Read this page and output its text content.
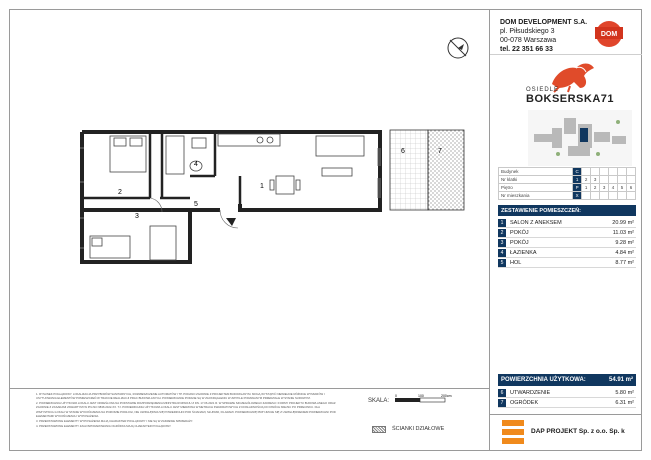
DOM DEVELOPMENT S.A.
pl. Piłsudskiego 3
00-078 Warszawa
tel. 22 351 66 33
DOM
OSIEDLE
BOKSERSKA71
Budynek	C						
Nr klatki	1	2	3				
Piętro	P	1	2	3	4	5	6
Nr mieszkania	X						
ZESTAWIENIE POMIESZCZEŃ:
1	SALON Z ANEKSEM	20.99 m²
2	POKÓJ	11.03 m²
3	POKÓJ	9.28 m²
4	ŁAZIENKA	4.84 m²
5	HOL	8.77 m²
POWIERZCHNIA UŻYTKOWA:	54.91 m²
6	UTWARDZENIE	5.80 m²
7	OGRÓDEK	6.31 m²
DAP PROJEKT Sp. z o.o. Sp. k
1
2
3
4
5
6	7

1. RYSUNEK POGLĄDOWY. LOKALIZACJA PRZYBORÓW SANITARNYCH, ROZMIESZCZENIE AUTOMATÓW I TP. PODANO ZGODNIE Z PROJEKTEM BUDOWLANYM. MOGĄ WYSTĄPIĆ NIEWIELKIE RÓŻNICE WYMIARÓW I USYTUOWANIA ELEMENTÓW POMIESZCZEŃ W TRAKCIE REALIZACJI PRAC BUDOWLANYCH. POWIERZCHNIE PODANE SĄ W ZAOKRĄGLENIU W ZWYKLE PODAWANYM PRZEDZIALE W STANIE SUROWYM.

2. POWIERZCHNIA UŻYTKOWA LOKALU JEST OKREŚLONA NA PODSTAWIE ROZPORZĄDZENIA MINISTRA ROZWOJU Z DN. 17.06.2021 R. W SPRAWIE SZCZEGÓŁOWEGO ZAKRESU I FORMY PROJEKTU BUDOWLANEGO ORAZ ZGODNIE Z ZASADAMI ZAWARTYMI W PN-ISO 9836:2022-XX. TJ. POWIERZCHNIA UŻYTKOWA LOKALU JEST MIERZONA W METRACH KWADRATOWYCH Z DOKŁADNOŚCIĄ DO DWÓCH MIEJSC PO PRZECINKU. DLA WSZYSTKICH LOKALI W STANIE WYKOŃCZENIA NA POZIOMIE PODŁOGI, NIE UWZGLĘDNIA SIĘ POWIERZCHNI POD ŚCIANAMI, SŁUPAMI, FILARAMI. POWIERZCHNIĘ PRZYJMUJE SIĘ Z UWZGLĘDNIENIEM POWIERZCHNI POD ELEMENTAMI WYKOŃCZENIA I WYPOSAŻENIA.

3. PRZEDSTAWIONE ELEMENTY WYPOSAŻENIA MAJĄ CHARAKTER POGLĄDOWY I NIE SĄ W ZAKRESIE SPRZEDAŻY.

4. PRZEDSTAWIONE ELEMENTY ZAGOSPODAROWANIA OGRÓDKA MAJĄ CHARAKTER POGLĄDOWY.

SKALA:
0	100	200cm
ŚCIANKI DZIAŁOWE
